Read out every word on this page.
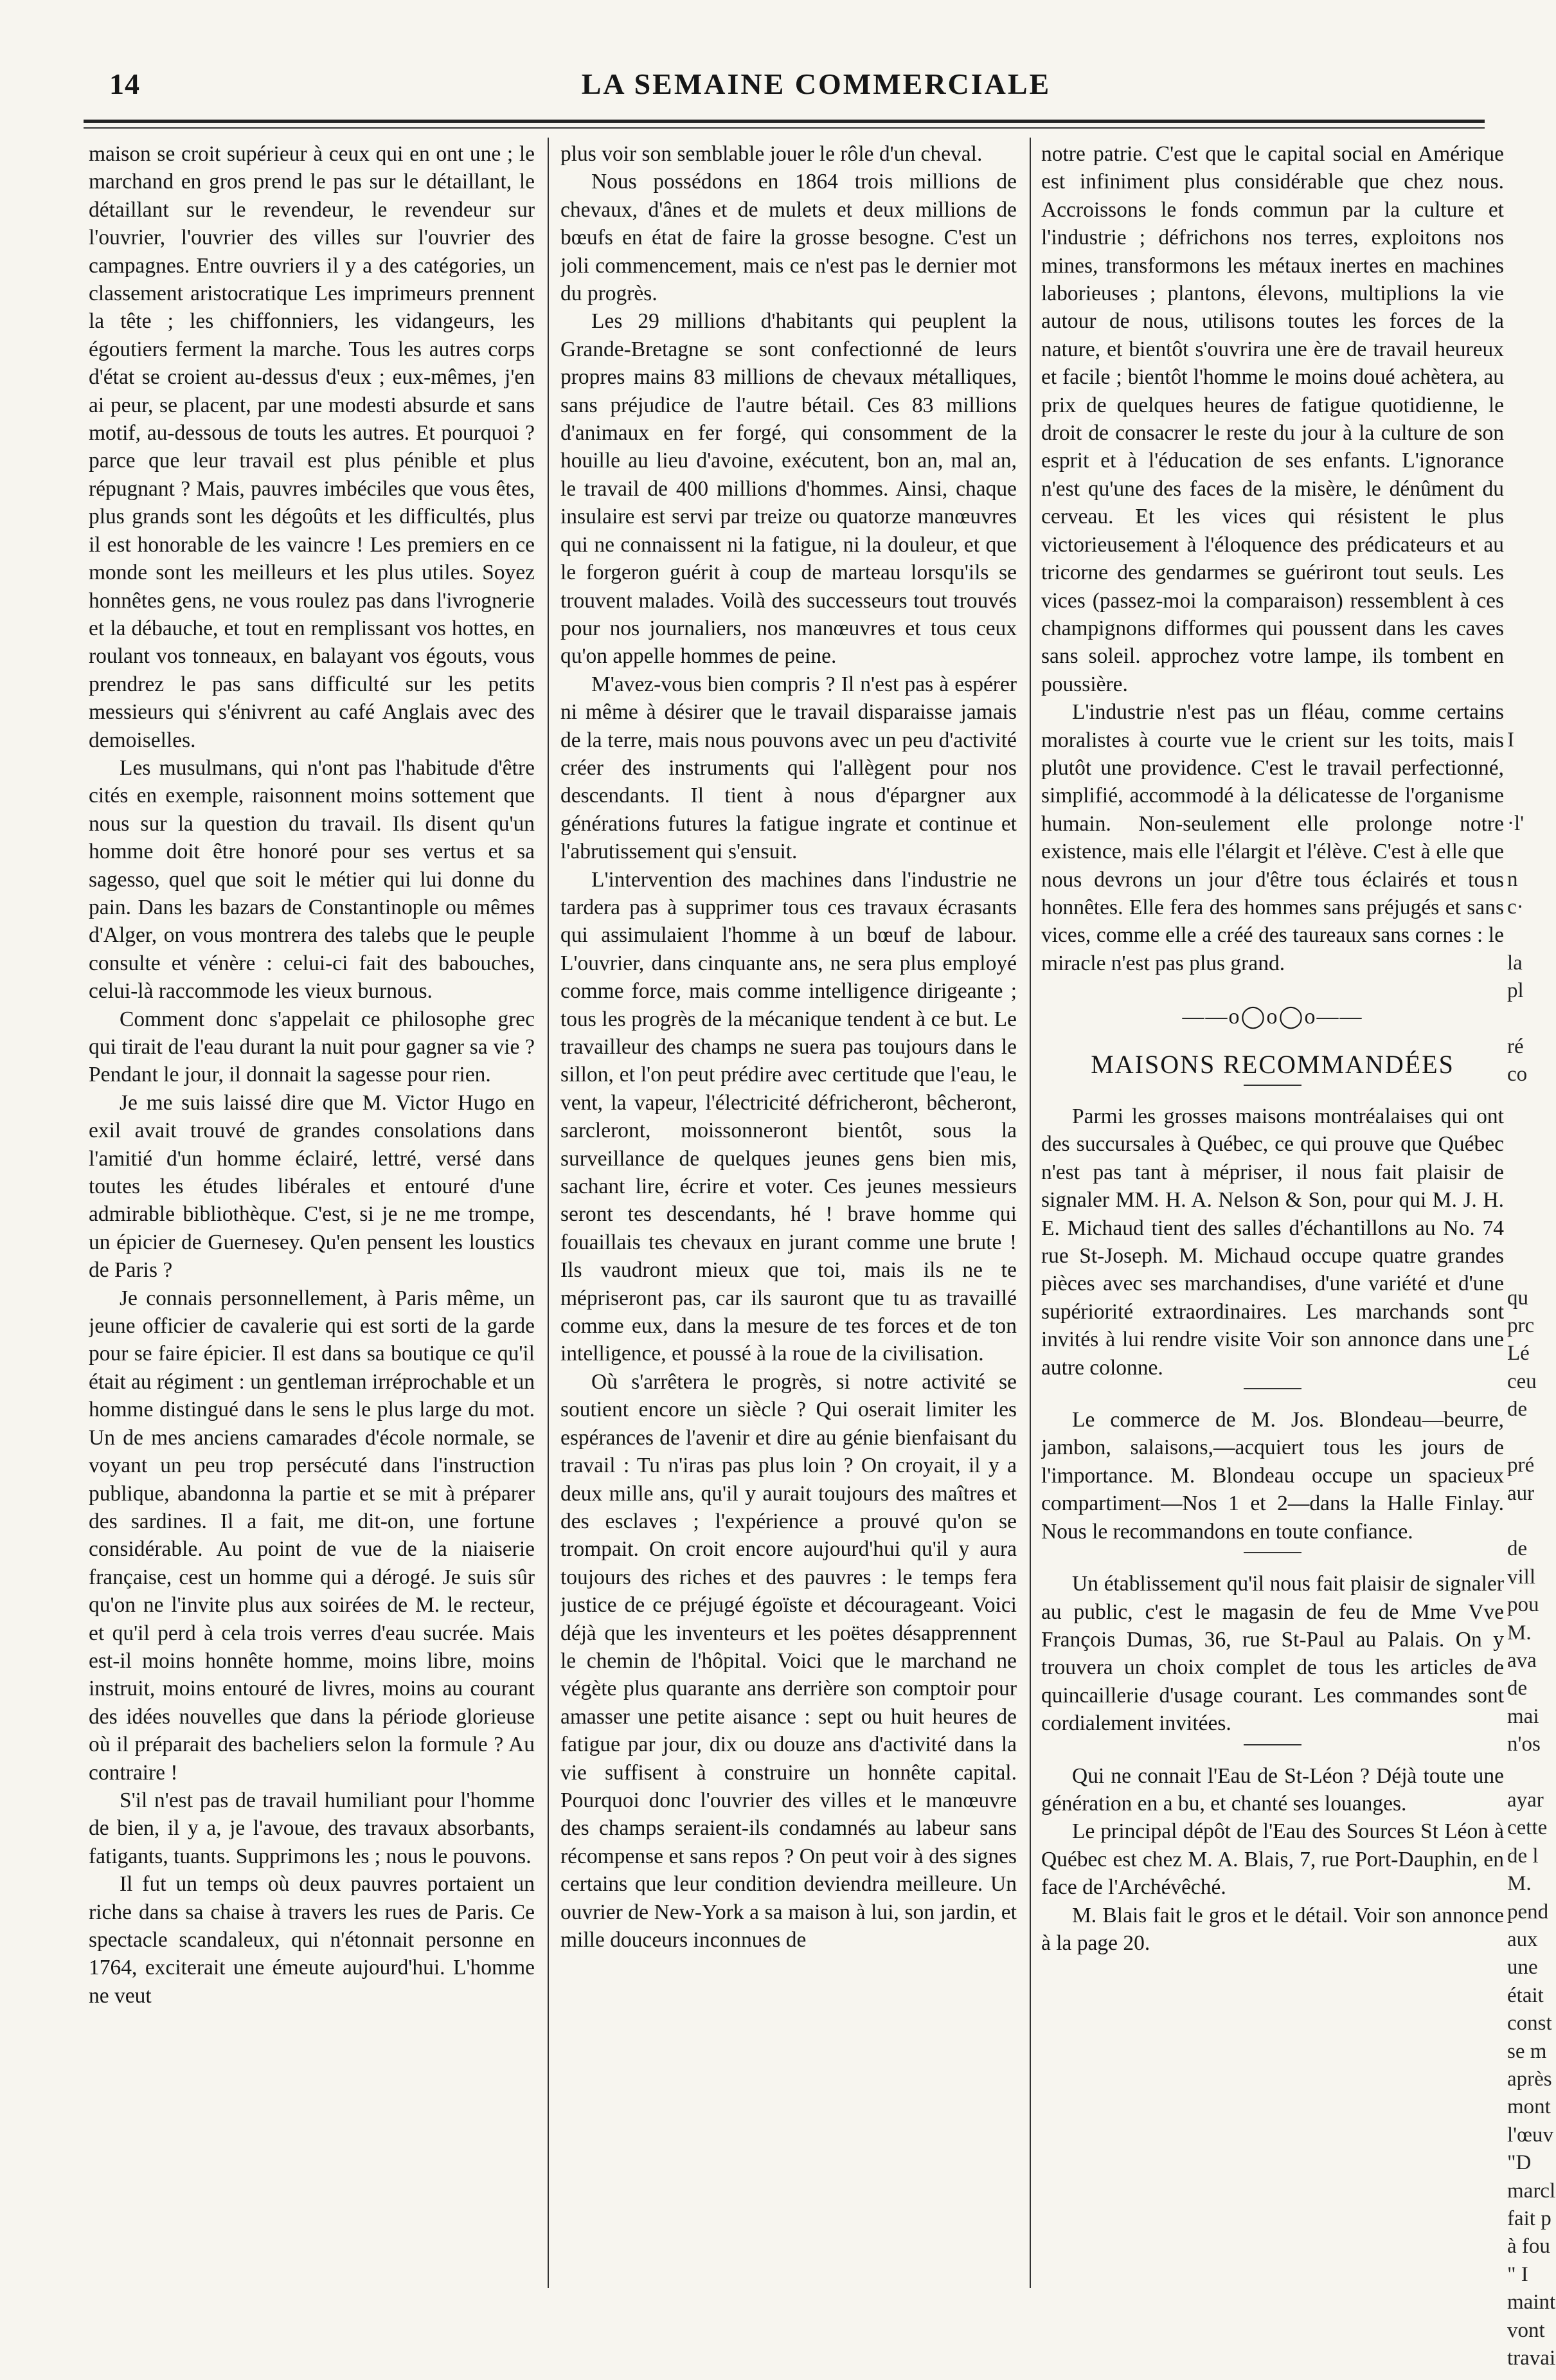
14	LA SEMAINE COMMERCIALE

maison se croit supérieur à ceux qui en ont une ; le marchand en gros prend le pas sur le détaillant, le détaillant sur le revendeur, le revendeur sur l'ouvrier, l'ouvrier des villes sur l'ouvrier des campagnes. Entre ouvriers il y a des catégories, un classement aristocratique Les imprimeurs prennent la tête ; les chiffonniers, les vidangeurs, les égoutiers ferment la marche. Tous les autres corps d'état se croient au-dessus d'eux ; eux-mêmes, j'en ai peur, se placent, par une modesti absurde et sans motif, au-dessous de touts les autres. Et pourquoi ? parce que leur travail est plus pénible et plus répugnant ? Mais, pauvres imbéciles que vous êtes, plus grands sont les dégoûts et les difficultés, plus il est honorable de les vaincre ! Les premiers en ce monde sont les meilleurs et les plus utiles. Soyez honnêtes gens, ne vous roulez pas dans l'ivrognerie et la débauche, et tout en remplissant vos hottes, en roulant vos tonneaux, en balayant vos égouts, vous prendrez le pas sans difficulté sur les petits messieurs qui s'énivrent au café Anglais avec des demoiselles.

Les musulmans, qui n'ont pas l'habitude d'être cités en exemple, raisonnent moins sottement que nous sur la question du travail. Ils disent qu'un homme doit être honoré pour ses vertus et sa sagesso, quel que soit le métier qui lui donne du pain. Dans les bazars de Constantinople ou mêmes d'Alger, on vous montrera des talebs que le peuple consulte et vénère : celui-ci fait des babouches, celui-là raccommode les vieux burnous.

Comment donc s'appelait ce philosophe grec qui tirait de l'eau durant la nuit pour gagner sa vie ? Pendant le jour, il donnait la sagesse pour rien.

Je me suis laissé dire que M. Victor Hugo en exil avait trouvé de grandes consolations dans l'amitié d'un homme éclairé, lettré, versé dans toutes les études libérales et entouré d'une admirable bibliothèque. C'est, si je ne me trompe, un épicier de Guernesey. Qu'en pensent les loustics de Paris ?

Je connais personnellement, à Paris même, un jeune officier de cavalerie qui est sorti de la garde pour se faire épicier. Il est dans sa boutique ce qu'il était au régiment : un gentleman irréprochable et un homme distingué dans le sens le plus large du mot. Un de mes anciens camarades d'école normale, se voyant un peu trop persécuté dans l'instruction publique, abandonna la partie et se mit à préparer des sardines. Il a fait, me dit-on, une fortune considérable. Au point de vue de la niaiserie française, cest un homme qui a dérogé. Je suis sûr qu'on ne l'invite plus aux soirées de M. le recteur, et qu'il perd à cela trois verres d'eau sucrée. Mais est-il moins honnête homme, moins libre, moins instruit, moins entouré de livres, moins au courant des idées nouvelles que dans la période glorieuse où il préparait des bacheliers selon la formule ? Au contraire !

S'il n'est pas de travail humiliant pour l'homme de bien, il y a, je l'avoue, des travaux absorbants, fatigants, tuants. Supprimons les ; nous le pouvons.

Il fut un temps où deux pauvres portaient un riche dans sa chaise à travers les rues de Paris. Ce spectacle scandaleux, qui n'étonnait personne en 1764, exciterait une émeute aujourd'hui. L'homme ne veut

plus voir son semblable jouer le rôle d'un cheval.

Nous possédons en 1864 trois millions de chevaux, d'ânes et de mulets et deux millions de bœufs en état de faire la grosse besogne. C'est un joli commencement, mais ce n'est pas le dernier mot du progrès.

Les 29 millions d'habitants qui peuplent la Grande-Bretagne se sont confectionné de leurs propres mains 83 millions de chevaux métalliques, sans préjudice de l'autre bétail. Ces 83 millions d'animaux en fer forgé, qui consomment de la houille au lieu d'avoine, exécutent, bon an, mal an, le travail de 400 millions d'hommes. Ainsi, chaque insulaire est servi par treize ou quatorze manœuvres qui ne connaissent ni la fatigue, ni la douleur, et que le forgeron guérit à coup de marteau lorsqu'ils se trouvent malades. Voilà des successeurs tout trouvés pour nos journaliers, nos manœuvres et tous ceux qu'on appelle hommes de peine.

M'avez-vous bien compris ? Il n'est pas à espérer ni même à désirer que le travail disparaisse jamais de la terre, mais nous pouvons avec un peu d'activité créer des instruments qui l'allègent pour nos descendants. Il tient à nous d'épargner aux générations futures la fatigue ingrate et continue et l'abrutissement qui s'ensuit.

L'intervention des machines dans l'industrie ne tardera pas à supprimer tous ces travaux écrasants qui assimulaient l'homme à un bœuf de labour. L'ouvrier, dans cinquante ans, ne sera plus employé comme force, mais comme intelligence dirigeante ; tous les progrès de la mécanique tendent à ce but. Le travailleur des champs ne suera pas toujours dans le sillon, et l'on peut prédire avec certitude que l'eau, le vent, la vapeur, l'électricité défricheront, bêcheront, sarcleront, moissonneront bientôt, sous la surveillance de quelques jeunes gens bien mis, sachant lire, écrire et voter. Ces jeunes messieurs seront tes descendants, hé ! brave homme qui fouaillais tes chevaux en jurant comme une brute ! Ils vaudront mieux que toi, mais ils ne te mépriseront pas, car ils sauront que tu as travaillé comme eux, dans la mesure de tes forces et de ton intelligence, et poussé à la roue de la civilisation.

Où s'arrêtera le progrès, si notre activité se soutient encore un siècle ? Qui oserait limiter les espérances de l'avenir et dire au génie bienfaisant du travail : Tu n'iras pas plus loin ? On croyait, il y a deux mille ans, qu'il y aurait toujours des maîtres et des esclaves ; l'expérience a prouvé qu'on se trompait. On croit encore aujourd'hui qu'il y aura toujours des riches et des pauvres : le temps fera justice de ce préjugé égoïste et décourageant. Voici déjà que les inventeurs et les poëtes désapprennent le chemin de l'hôpital. Voici que le marchand ne végète plus quarante ans derrière son comptoir pour amasser une petite aisance : sept ou huit heures de fatigue par jour, dix ou douze ans d'activité dans la vie suffisent à construire un honnête capital. Pourquoi donc l'ouvrier des villes et le manœuvre des champs seraient-ils condamnés au labeur sans récompense et sans repos ? On peut voir à des signes certains que leur condition deviendra meilleure. Un ouvrier de New-York a sa maison à lui, son jardin, et mille douceurs inconnues de

notre patrie. C'est que le capital social en Amérique est infiniment plus considérable que chez nous. Accroissons le fonds commun par la culture et l'industrie ; défrichons nos terres, exploitons nos mines, transformons les métaux inertes en machines laborieuses ; plantons, élevons, multiplions la vie autour de nous, utilisons toutes les forces de la nature, et bientôt s'ouvrira une ère de travail heureux et facile ; bientôt l'homme le moins doué achètera, au prix de quelques heures de fatigue quotidienne, le droit de consacrer le reste du jour à la culture de son esprit et à l'éducation de ses enfants. L'ignorance n'est qu'une des faces de la misère, le dénûment du cerveau. Et les vices qui résistent le plus victorieusement à l'éloquence des prédicateurs et au tricorne des gendarmes se guériront tout seuls. Les vices (passez-moi la comparaison) ressemblent à ces champignons difformes qui poussent dans les caves sans soleil. approchez votre lampe, ils tombent en poussière.

L'industrie n'est pas un fléau, comme certains moralistes à courte vue le crient sur les toits, mais plutôt une providence. C'est le travail perfectionné, simplifié, accommodé à la délicatesse de l'organisme humain. Non-seulement elle prolonge notre existence, mais elle l'élargit et l'élève. C'est à elle que nous devrons un jour d'être tous éclairés et tous honnêtes. Elle fera des hommes sans préjugés et sans vices, comme elle a créé des taureaux sans cornes : le miracle n'est pas plus grand.

——o◯o◯o——
MAISONS RECOMMANDÉES

Parmi les grosses maisons montréalaises qui ont des succursales à Québec, ce qui prouve que Québec n'est pas tant à mépriser, il nous fait plaisir de signaler MM. H. A. Nelson & Son, pour qui M. J. H. E. Michaud tient des salles d'échantillons au No. 74 rue St-Joseph. M. Michaud occupe quatre grandes pièces avec ses marchandises, d'une variété et d'une supériorité extraordinaires. Les marchands sont invités à lui rendre visite Voir son annonce dans une autre colonne.

Le commerce de M. Jos. Blondeau—beurre, jambon, salaisons,—acquiert tous les jours de l'importance. M. Blondeau occupe un spacieux compartiment—Nos 1 et 2—dans la Halle Finlay. Nous le recommandons en toute confiance.

Un établissement qu'il nous fait plaisir de signaler au public, c'est le magasin de feu de Mme Vve François Dumas, 36, rue St-Paul au Palais. On y trouvera un choix complet de tous les articles de quincaillerie d'usage courant. Les commandes sont cordialement invitées.

Qui ne connait l'Eau de St-Léon ? Déjà toute une génération en a bu, et chanté ses louanges.

Le principal dépôt de l'Eau des Sources St Léon à Québec est chez M. A. Blais, 7, rue Port-Dauphin, en face de l'Archévêché.

M. Blais fait le gros et le détail. Voir son annonce à la page 20.

I

·l'

n
c·

la
pl

ré
co

qu
prc
Lé
ceu
de

pré
aur

de
vill
pou
M.
ava
de
mai
n'os

ayar
cette
de l
M.
pend
aux
une
était
const
se m
après
mont
l'œuv
"D
marcl
fait p
à fou
" I
maint
vont
travai
